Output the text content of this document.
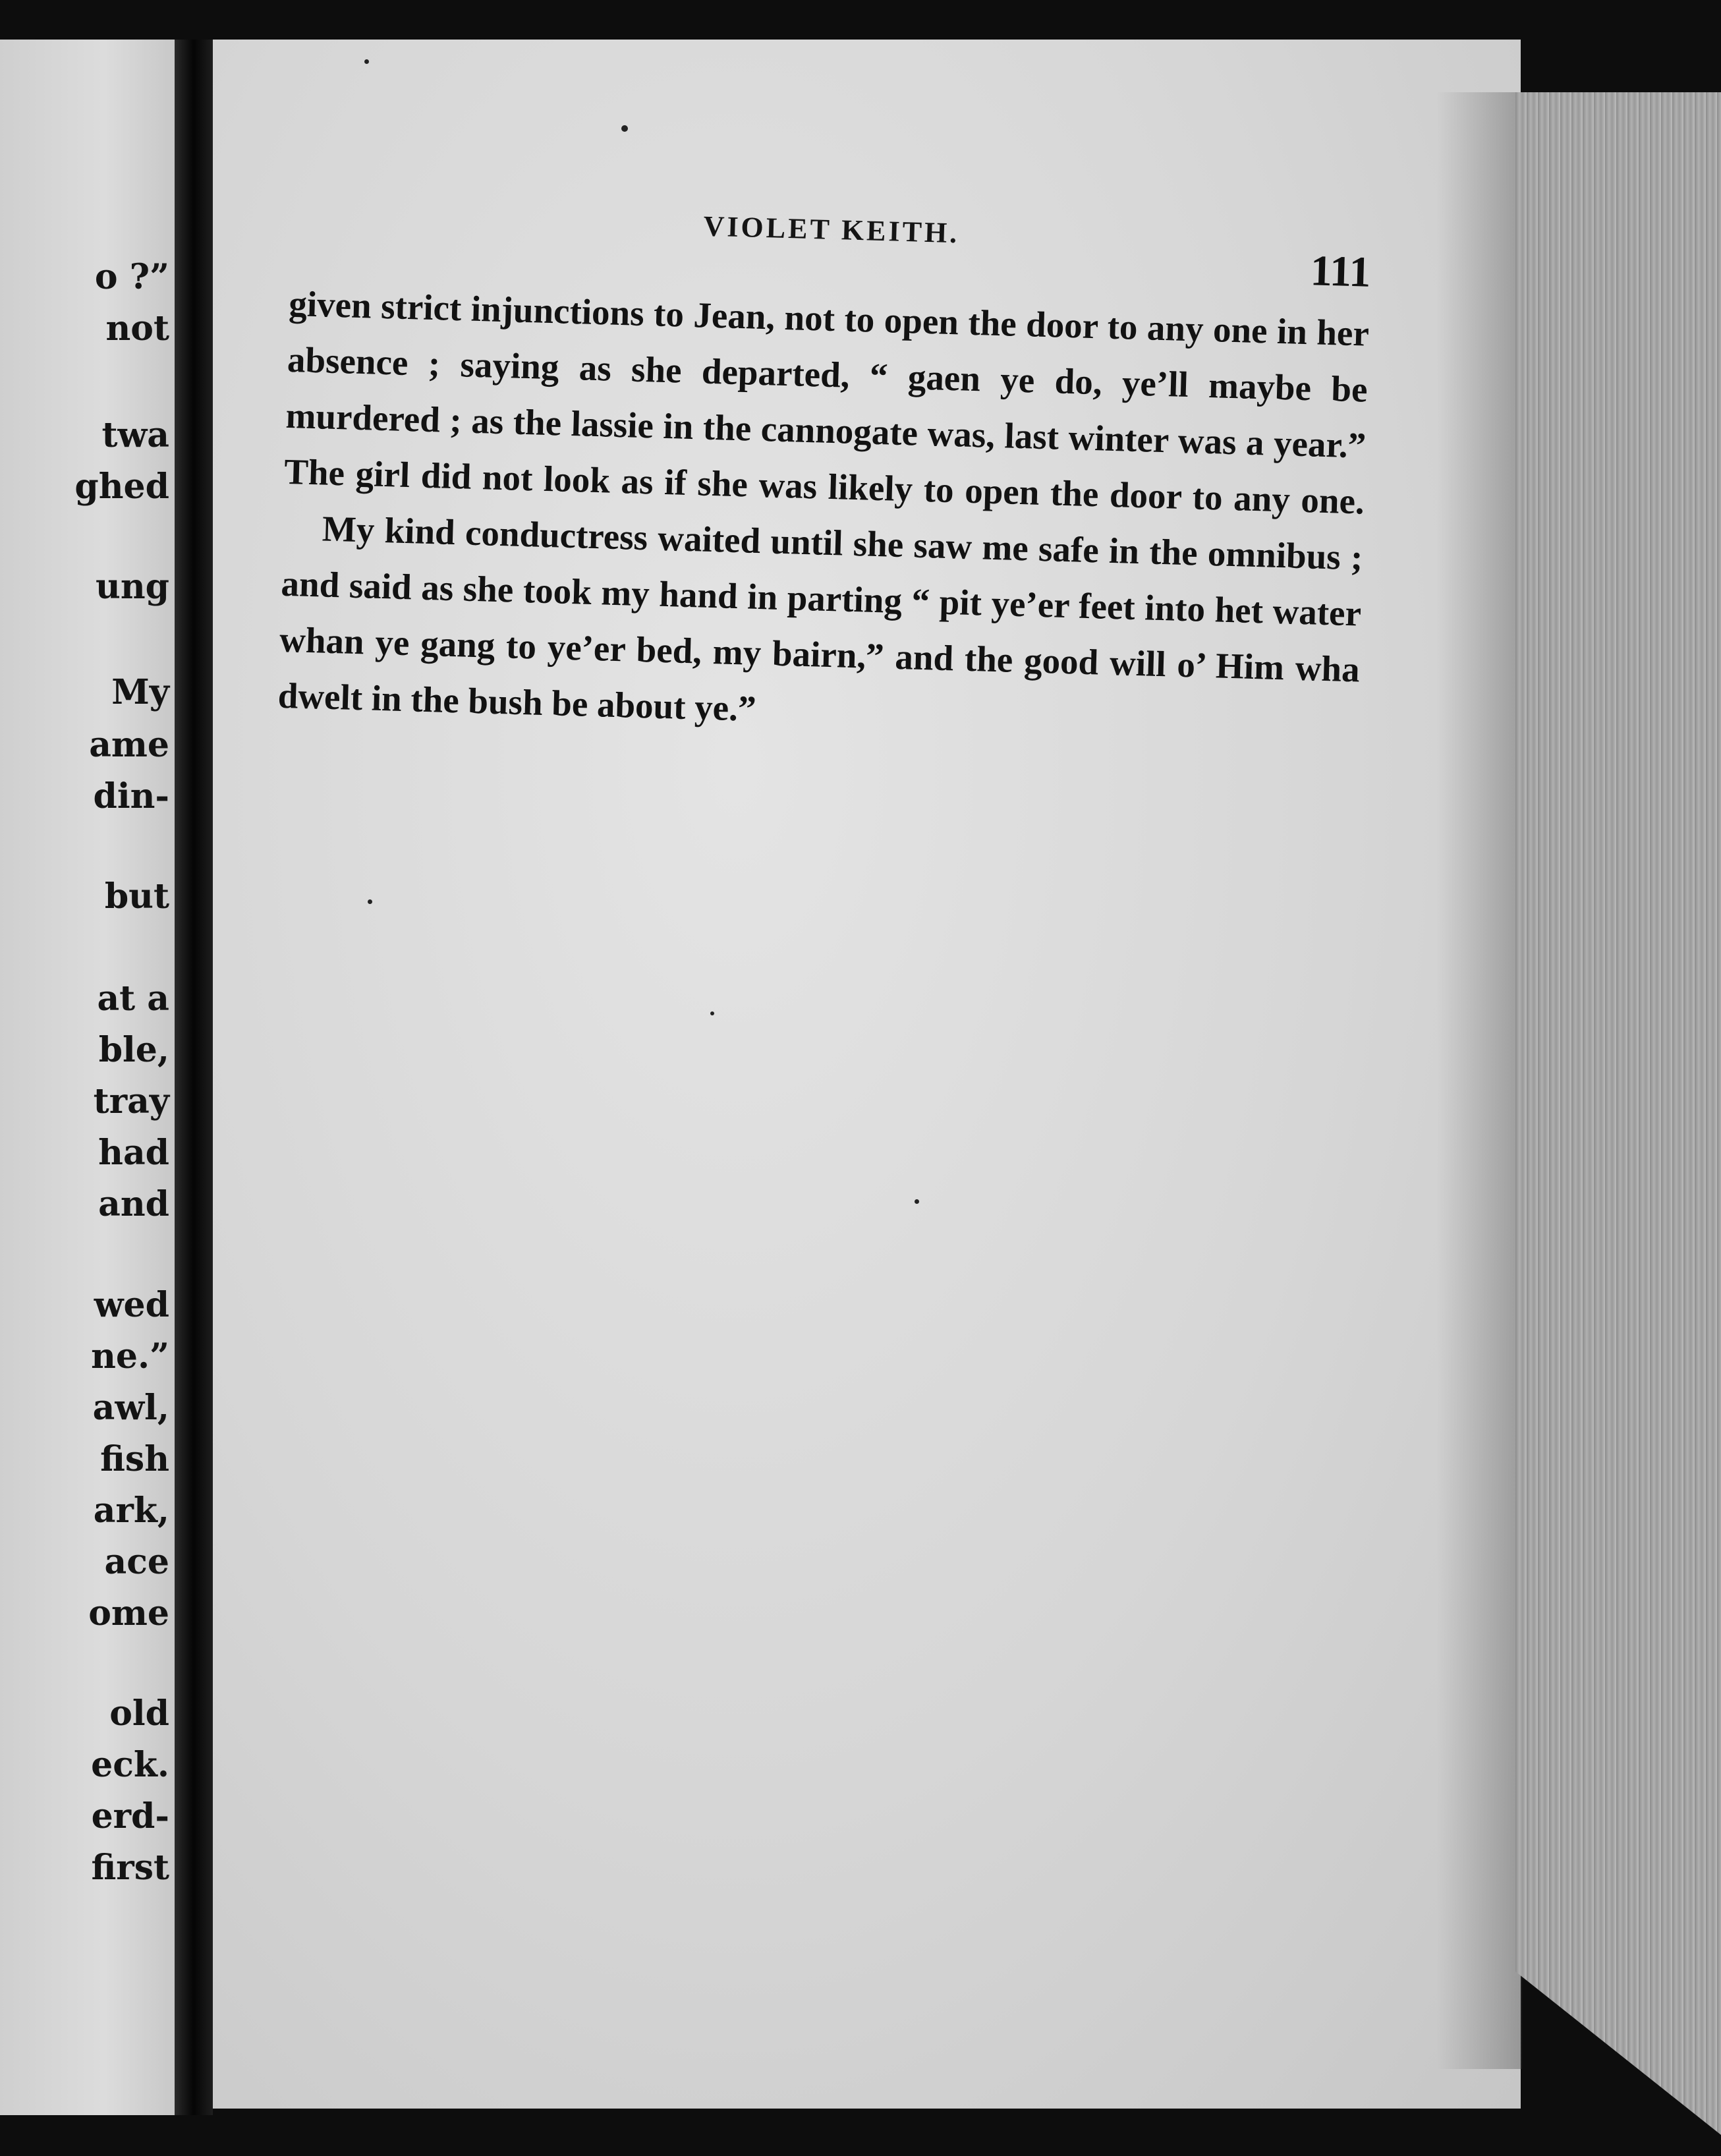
o ?”
not
twa
ghed
ung
My
ame
din-
but
at a
ble,
tray
had
and
wed
ne.”
awl,
fish
ark,
ace
ome
old
eck.
erd-
first
VIOLET KEITH.
111

given strict injunctions to Jean, not to open the door to any one in her absence ; saying as she departed, “ gaen ye do, ye’ll maybe be murdered ; as the lassie in the cannogate was, last winter was a year.” The girl did not look as if she was likely to open the door to any one.

My kind conductress waited until she saw me safe in the omnibus ; and said as she took my hand in parting “ pit ye’er feet into het water whan ye gang to ye’er bed, my bairn,” and the good will o’ Him wha dwelt in the bush be about ye.”
